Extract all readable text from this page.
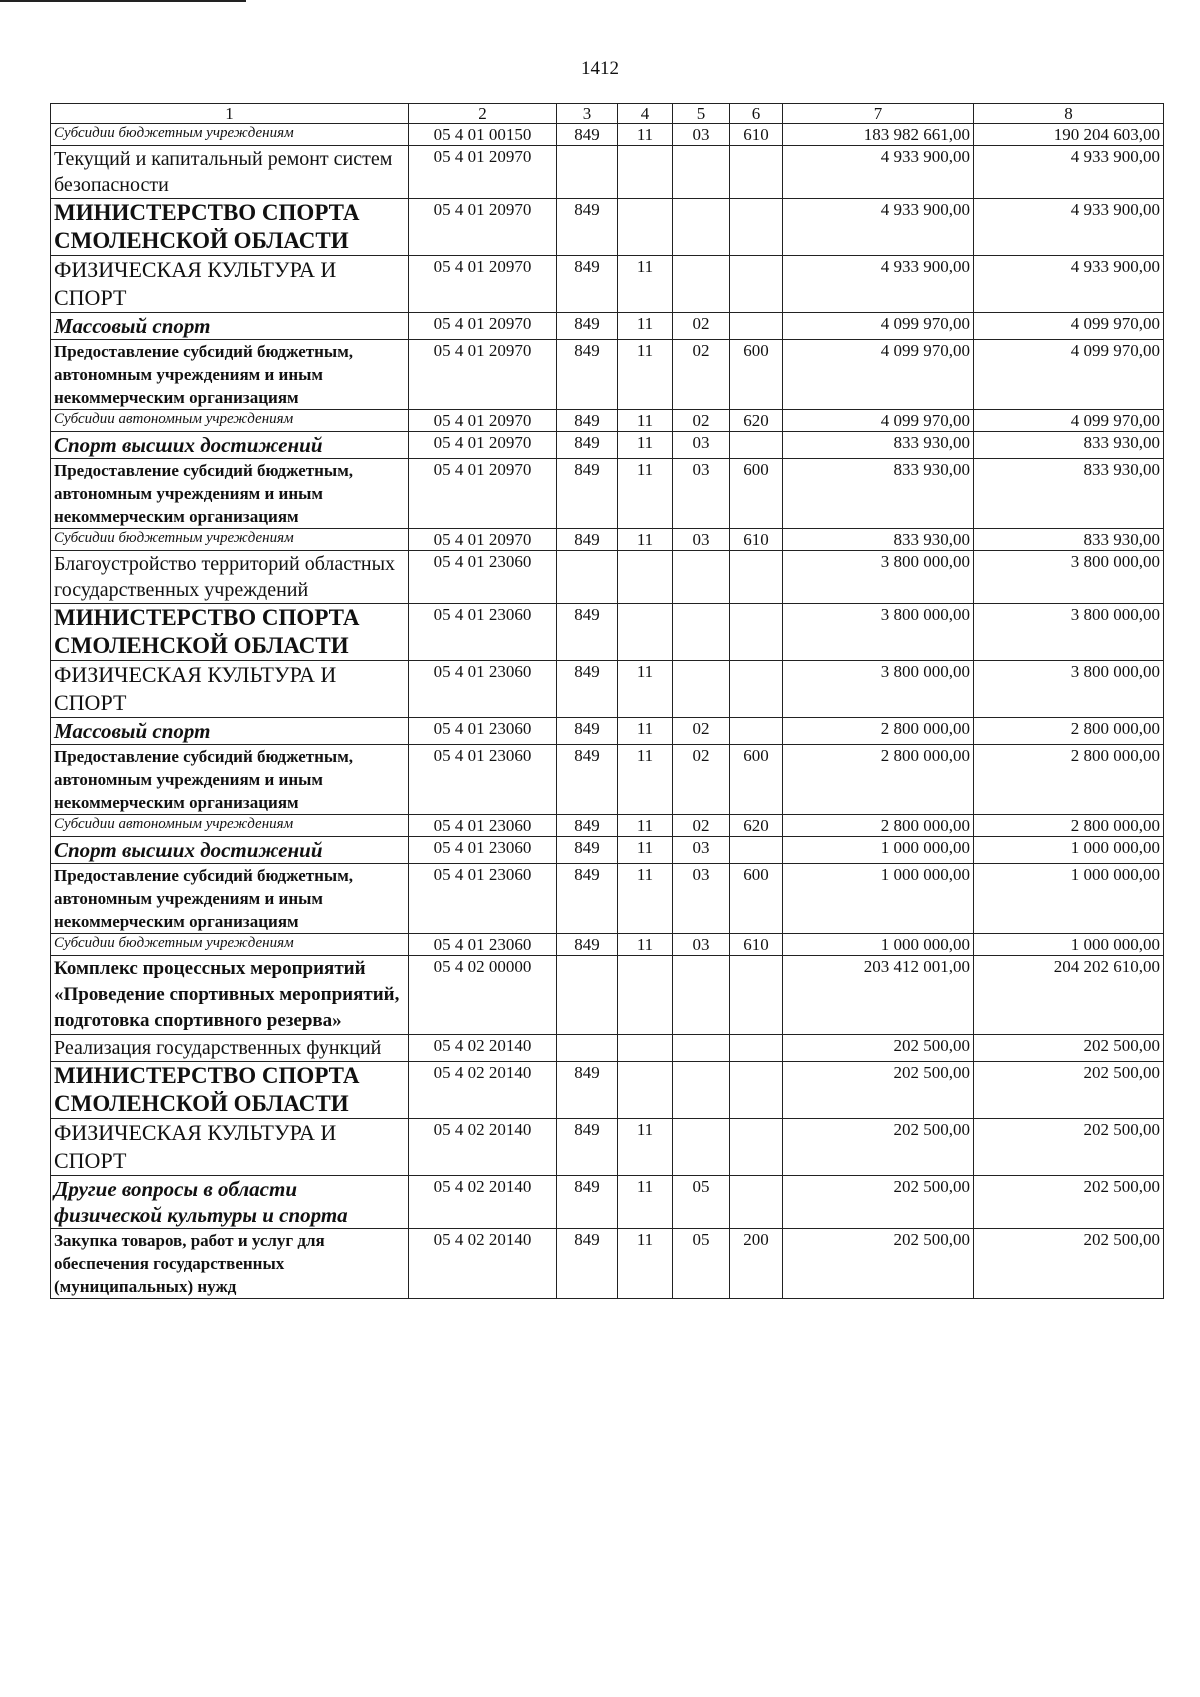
1412
1	2	3	4	5	6	7	8
Субсидии бюджетным учреждениям	05 4 01 00150	849	11	03	610	183 982 661,00	190 204 603,00
Текущий и капитальный ремонт систем безопасности	05 4 01 20970					4 933 900,00	4 933 900,00
МИНИСТЕРСТВО СПОРТА СМОЛЕНСКОЙ ОБЛАСТИ	05 4 01 20970	849				4 933 900,00	4 933 900,00
ФИЗИЧЕСКАЯ КУЛЬТУРА И СПОРТ	05 4 01 20970	849	11			4 933 900,00	4 933 900,00
Массовый спорт	05 4 01 20970	849	11	02		4 099 970,00	4 099 970,00
Предоставление субсидий бюджетным, автономным учреждениям и иным некоммерческим организациям	05 4 01 20970	849	11	02	600	4 099 970,00	4 099 970,00
Субсидии автономным учреждениям	05 4 01 20970	849	11	02	620	4 099 970,00	4 099 970,00
Спорт высших достижений	05 4 01 20970	849	11	03		833 930,00	833 930,00
Предоставление субсидий бюджетным, автономным учреждениям и иным некоммерческим организациям	05 4 01 20970	849	11	03	600	833 930,00	833 930,00
Субсидии бюджетным учреждениям	05 4 01 20970	849	11	03	610	833 930,00	833 930,00
Благоустройство территорий областных государственных учреждений	05 4 01 23060					3 800 000,00	3 800 000,00
МИНИСТЕРСТВО СПОРТА СМОЛЕНСКОЙ ОБЛАСТИ	05 4 01 23060	849				3 800 000,00	3 800 000,00
ФИЗИЧЕСКАЯ КУЛЬТУРА И СПОРТ	05 4 01 23060	849	11			3 800 000,00	3 800 000,00
Массовый спорт	05 4 01 23060	849	11	02		2 800 000,00	2 800 000,00
Предоставление субсидий бюджетным, автономным учреждениям и иным некоммерческим организациям	05 4 01 23060	849	11	02	600	2 800 000,00	2 800 000,00
Субсидии автономным учреждениям	05 4 01 23060	849	11	02	620	2 800 000,00	2 800 000,00
Спорт высших достижений	05 4 01 23060	849	11	03		1 000 000,00	1 000 000,00
Предоставление субсидий бюджетным, автономным учреждениям и иным некоммерческим организациям	05 4 01 23060	849	11	03	600	1 000 000,00	1 000 000,00
Субсидии бюджетным учреждениям	05 4 01 23060	849	11	03	610	1 000 000,00	1 000 000,00
Комплекс процессных мероприятий «Проведение спортивных мероприятий, подготовка спортивного резерва»	05 4 02 00000					203 412 001,00	204 202 610,00
Реализация государственных функций	05 4 02 20140					202 500,00	202 500,00
МИНИСТЕРСТВО СПОРТА СМОЛЕНСКОЙ ОБЛАСТИ	05 4 02 20140	849				202 500,00	202 500,00
ФИЗИЧЕСКАЯ КУЛЬТУРА И СПОРТ	05 4 02 20140	849	11			202 500,00	202 500,00
Другие вопросы в области физической культуры и спорта	05 4 02 20140	849	11	05		202 500,00	202 500,00
Закупка товаров, работ и услуг для обеспечения государственных (муниципальных) нужд	05 4 02 20140	849	11	05	200	202 500,00	202 500,00
